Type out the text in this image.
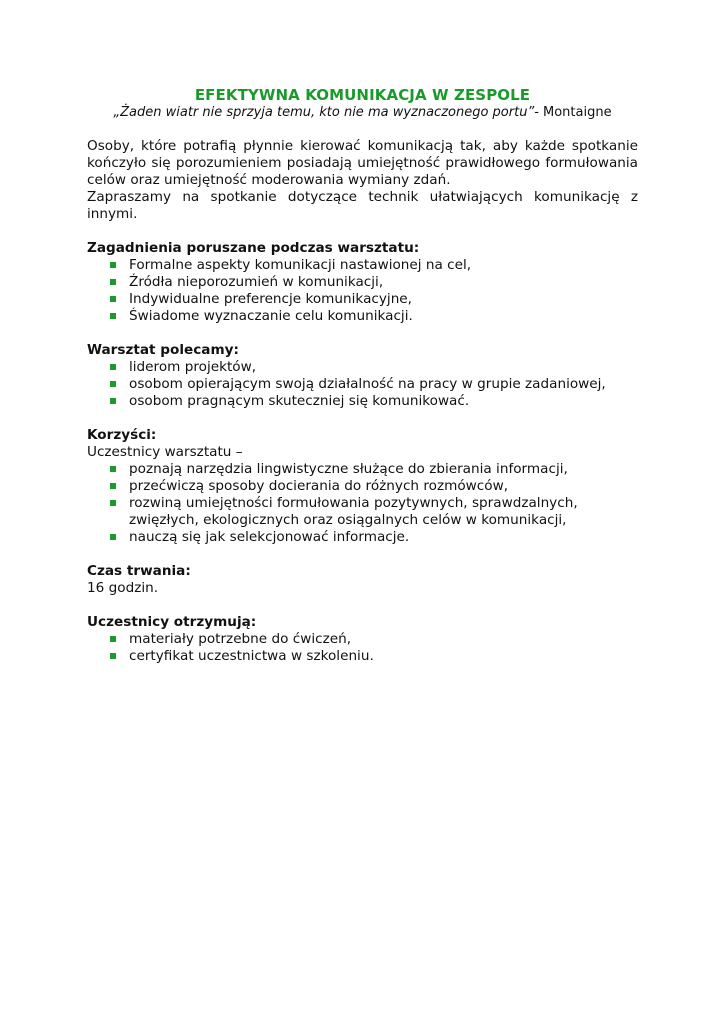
EFEKTYWNA KOMUNIKACJA W ZESPOLE
„Żaden wiatr nie sprzyja temu, kto nie ma wyznaczonego portu”- Montaigne

Osoby, które potrafią płynnie kierować komunikacją tak, aby każde spotkanie kończyło się porozumieniem posiadają umiejętność prawidłowego formułowania celów oraz umiejętność moderowania wymiany zdań.

Zapraszamy na spotkanie dotyczące technik ułatwiających komunikację z innymi.

Zagadnienia poruszane podczas warsztatu:
Formalne aspekty komunikacji nastawionej na cel,
Źródła nieporozumień w komunikacji,
Indywidualne preferencje komunikacyjne,
Świadome wyznaczanie celu komunikacji.
Warsztat polecamy:
liderom projektów,
osobom opierającym swoją działalność na pracy w grupie zadaniowej,
osobom pragnącym skuteczniej się komunikować.
Korzyści:
Uczestnicy warsztatu –
poznają narzędzia lingwistyczne służące do zbierania informacji,
przećwiczą sposoby docierania do różnych rozmówców,
rozwiną umiejętności formułowania pozytywnych, sprawdzalnych, zwięzłych, ekologicznych oraz osiągalnych celów w komunikacji,
nauczą się jak selekcjonować informacje.
Czas trwania:
16 godzin.
Uczestnicy otrzymują:
materiały potrzebne do ćwiczeń,
certyfikat uczestnictwa w szkoleniu.
